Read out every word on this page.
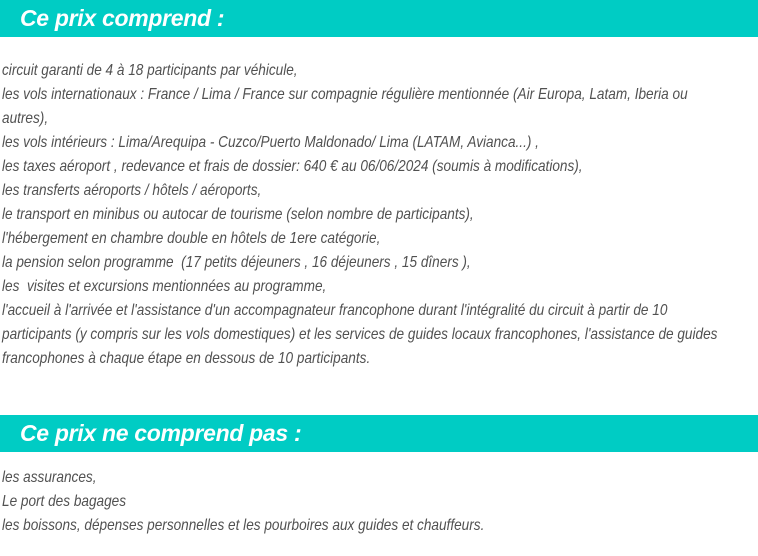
Ce prix comprend :
circuit garanti de 4 à 18 participants par véhicule,
les vols internationaux : France / Lima / France sur compagnie régulière mentionnée (Air Europa, Latam, Iberia ou
autres),
les vols intérieurs : Lima/Arequipa - Cuzco/Puerto Maldonado/ Lima (LATAM, Avianca...) ,
les taxes aéroport , redevance et frais de dossier: 640 € au 06/06/2024 (soumis à modifications),
les transferts aéroports / hôtels / aéroports,
le transport en minibus ou autocar de tourisme (selon nombre de participants),
l'hébergement en chambre double en hôtels de 1ere catégorie,
la pension selon programme  (17 petits déjeuners , 16 déjeuners , 15 dîners ),
les  visites et excursions mentionnées au programme,
l'accueil à l'arrivée et l'assistance d'un accompagnateur francophone durant l'intégralité du circuit à partir de 10
participants (y compris sur les vols domestiques) et les services de guides locaux francophones, l'assistance de guides
francophones à chaque étape en dessous de 10 participants.
Ce prix ne comprend pas :
les assurances,
Le port des bagages
les boissons, dépenses personnelles et les pourboires aux guides et chauffeurs.
